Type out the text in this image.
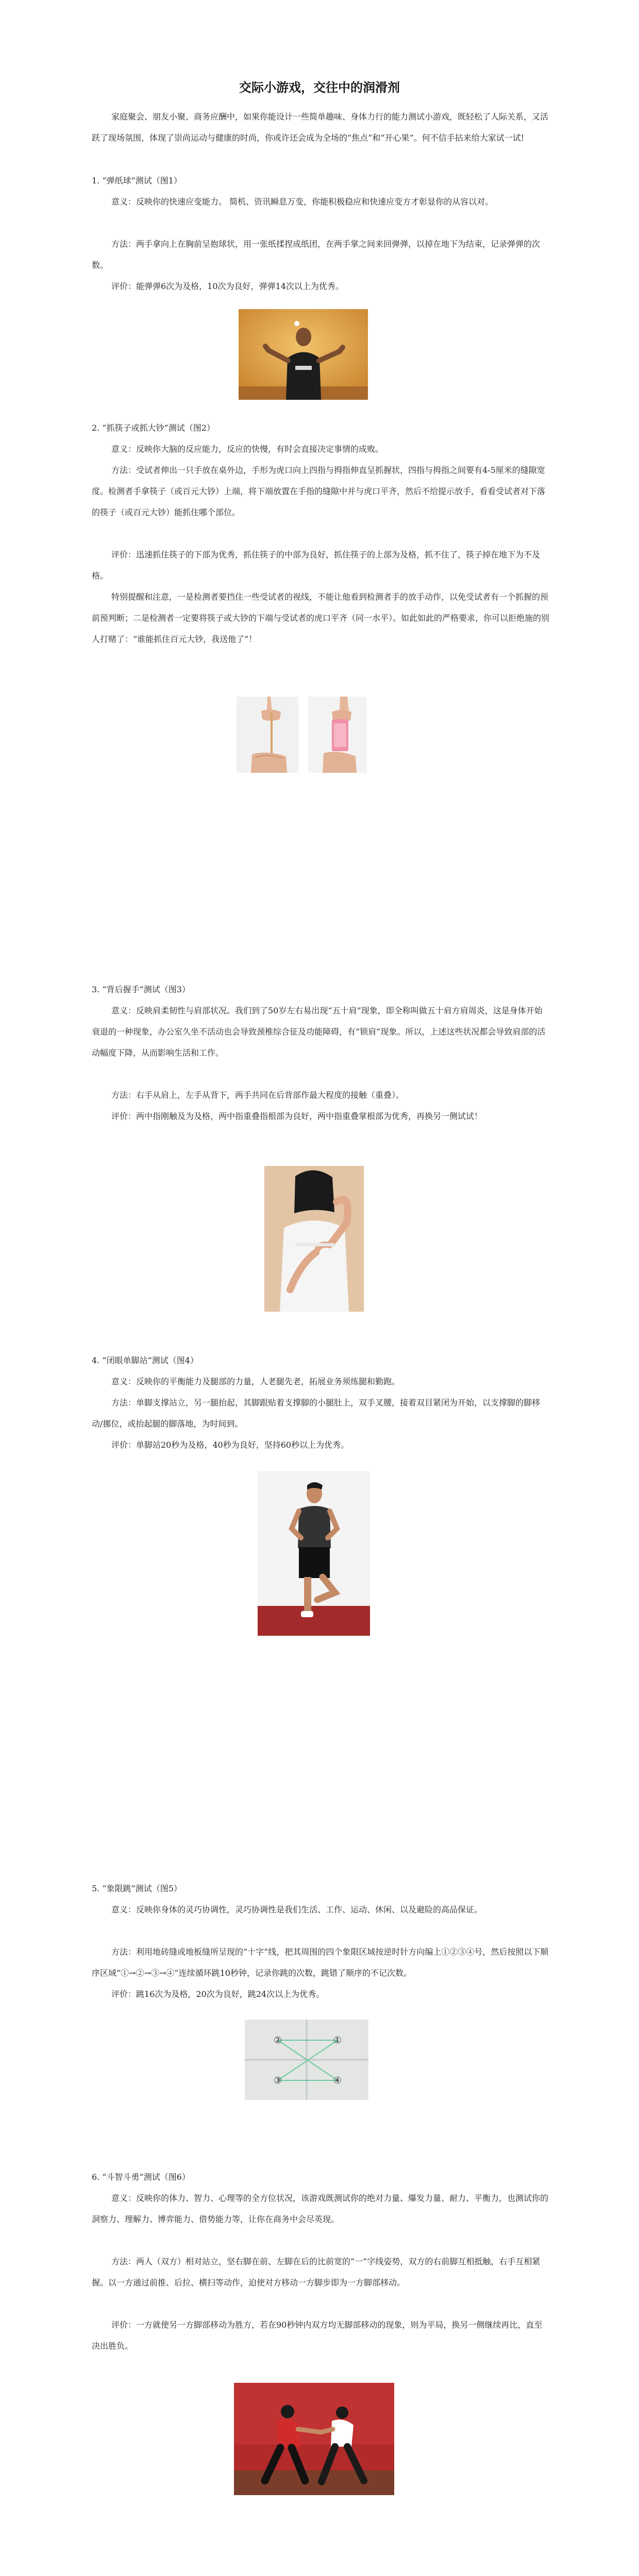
交际小游戏，交往中的润滑剂

家庭聚会、朋友小聚、商务应酬中，如果你能设计一些简单趣味、身体力行的能力测试小游戏，既轻松了人际关系，又活跃了现场氛围，体现了崇尚运动与健康的时尚，你或许还会成为全场的“焦点”和“开心果”。何不信手拈来给大家试一试!

1. “弹纸球”测试（图1）

意义：反映你的快速应变能力。 简机、资讯瞬息万变，你能积极稳应和快速应变方才彰显你的从容以对。

方法：两手拿向上在胸前呈抱球状，用一张纸揉捏成纸团，在两手掌之间来回弹弹，以掉在地下为结束，记录弹弹的次数。

评价：能弹弹6次为及格，10次为良好，弹弹14次以上为优秀。

2. “抓筷子或抓大钞”测试（图2）

意义：反映你大脑的反应能力，反应的快慢，有时会直接决定事情的成败。

方法：受试者伸出一只手放在桌外边，手形为虎口向上四指与拇指伸直呈抓握状，四指与拇指之间要有4-5厘米的缝隙宽度。检测者手拿筷子（或百元大钞）上端，将下端放置在手指的缝隙中并与虎口平齐，然后不给提示放手，看看受试者对下落的筷子（或百元大钞）能抓住哪个部位。

评价：迅速抓住筷子的下部为优秀，抓住筷子的中部为良好，抓住筷子的上部为及格，抓不住了，筷子掉在地下为不及格。

特别提醒和注意，一是检测者要挡住一些受试者的视线，不能让他看到检测者手的放手动作，以免受试者有一个抓握的预前预判断；二是检测者一定要将筷子或大钞的下端与受试者的虎口平齐（同一水平）。如此如此的严格要求，你可以拒绝施的别人打赌了：“谁能抓住百元大钞，我送他了”！

3. “背后握手”测试（图3）

意义：反映肩柔韧性与肩部状况。我们到了50岁左右易出现“五十肩”现象，即全称叫做五十肩方肩周炎，这是身体开始衰退的一种现象，办公室久坐不活动也会导致颈椎综合征及功能障碍，有“锁肩”现象。所以，上述这些状况都会导致肩部的活动幅度下降，从而影响生活和工作。

方法：右手从肩上，左手从背下，两手共同在后背部作最大程度的接触（重叠）。

评价：两中指刚触及为及格，两中指重叠指根部为良好，两中指重叠掌根部为优秀，再换另一侧试试！

4. “闭眼单脚站”测试（图4）

意义：反映你的平衡能力及腿部的力量，人老腿先老，拓展业务须练腿和勤跑。

方法：单脚支撑站立，另一腿抬起，其脚跟贴着支撑脚的小腿肚上，双手叉腰，接着双目紧闭为开始，以支撑脚的脚移动/挪位，或抬起腿的脚落地，为时间到。

评价：单脚站20秒为及格，40秒为良好，坚持60秒以上为优秀。

5. “象限跳”测试（图5）

意义：反映你身体的灵巧协调性，灵巧协调性是我们生活、工作、运动、休闲、以及避险的高品保证。

方法：利用地砖缝或地板缝所呈现的“十字”线，把其周围的四个象限区域按逆时针方向编上①②③④号，然后按照以下顺序区域“①→②→③→④”连续循环跳10秒钟，记录你跳的次数，跳错了顺序的不记次数。

评价：跳16次为及格，20次为良好，跳24次以上为优秀。

②	①
③	④

6. “斗智斗勇”测试（图6）

意义：反映你的体力、智力、心理等的全方位状况，该游戏既测试你的绝对力量、爆发力量、耐力、平衡力，也测试你的洞察力、理解力、博弈能力、借势能力等，让你在商务中会尽英现。

方法：两人（双方）相对站立，坚右脚在前、左脚在后的比前宽的“一”字线姿势，双方的右前脚互相抵触，右手互相紧握。以一方通过前推、后拉、横扫等动作，迫使对方移动一方脚步即为一方脚部移动。

评价：一方就使另一方脚部移动为胜方，若在90秒钟内双方均无脚部移动的现象，则为平局，换另一侧继续再比，直至决出胜负。
